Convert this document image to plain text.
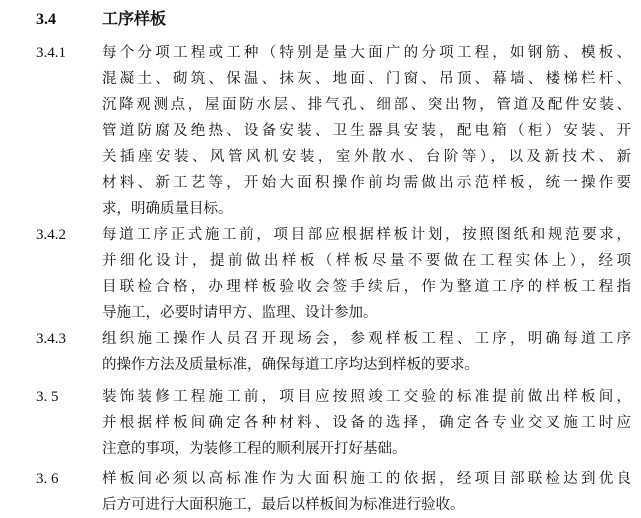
3.4	工序样板
3.4.1 每个分项工程或工种（特别是量大面广的分项工程，如钢筋、模板、
混凝土、砌筑、保温、抹灰、地面、门窗、吊顶、幕墙、楼梯栏杆、
沉降观测点，屋面防水层、排气孔、细部、突出物，管道及配件安装、
管道防腐及绝热、设备安装、卫生器具安装，配电箱（柜）安装、开
关插座安装、风管风机安装，室外散水、台阶等），以及新技术、新
材料、新工艺等，开始大面积操作前均需做出示范样板，统一操作要
求，明确质量目标。
3.4.2 每道工序正式施工前，项目部应根据样板计划，按照图纸和规范要求，
并细化设计，提前做出样板（样板尽量不要做在工程实体上），经项
目联检合格，办理样板验收会签手续后，作为整道工序的样板工程指
导施工，必要时请甲方、监理、设计参加。
3.4.3 组织施工操作人员召开现场会，参观样板工程、工序，明确每道工序
的操作方法及质量标准，确保每道工序均达到样板的要求。
3. 5	装饰装修工程施工前，项目应按照竣工交验的标准提前做出样板间，
并根据样板间确定各种材料、设备的选择，确定各专业交叉施工时应
注意的事项，为装修工程的顺利展开打好基础。
3. 6	样板间必须以高标准作为大面积施工的依据，经项目部联检达到优良
后方可进行大面积施工，最后以样板间为标准进行验收。
